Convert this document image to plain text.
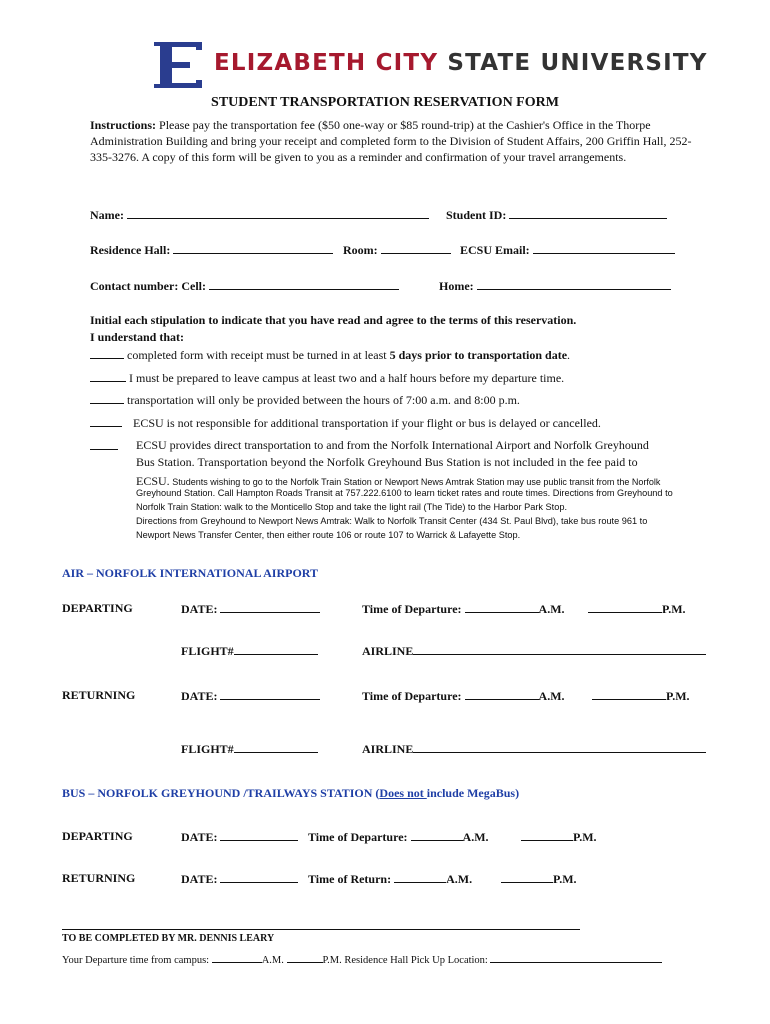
ELIZABETH CITY STATE UNIVERSITY
STUDENT TRANSPORTATION RESERVATION FORM
Instructions: Please pay the transportation fee ($50 one-way or $85 round-trip) at the Cashier's Office in the Thorpe Administration Building and bring your receipt and completed form to the Division of Student Affairs, 200 Griffin Hall, 252-335-3276. A copy of this form will be given to you as a reminder and confirmation of your travel arrangements.
Name:	Student ID:
Residence Hall:	Room:	ECSU Email:
Contact number: Cell:	Home:
Initial each stipulation to indicate that you have read and agree to the terms of this reservation.
I understand that:
completed form with receipt must be turned in at least 5 days prior to transportation date.
I must be prepared to leave campus at least two and a half hours before my departure time.
transportation will only be provided between the hours of 7:00 a.m. and 8:00 p.m.
ECSU is not responsible for additional transportation if your flight or bus is delayed or cancelled.
ECSU provides direct transportation to and from the Norfolk International Airport and Norfolk Greyhound
Bus Station. Transportation beyond the Norfolk Greyhound Bus Station is not included in the fee paid to
ECSU. Students wishing to go to the Norfolk Train Station or Newport News Amtrak Station may use public transit from the Norfolk
Greyhound Station. Call Hampton Roads Transit at 757.222.6100 to learn ticket rates and route times. Directions from Greyhound to
Norfolk Train Station: walk to the Monticello Stop and take the light rail (The Tide) to the Harbor Park Stop.
Directions from Greyhound to Newport News Amtrak: Walk to Norfolk Transit Center (434 St. Paul Blvd), take bus route 961 to
Newport News Transfer Center, then either route 106 or route 107 to Warrick & Lafayette Stop.
AIR – NORFOLK INTERNATIONAL AIRPORT
DEPARTING	DATE:	Time of Departure:	A.M.	P.M.
FLIGHT#	AIRLINE
RETURNING	DATE:	Time of Departure:	A.M.	P.M.
FLIGHT#	AIRLINE
BUS – NORFOLK GREYHOUND /TRAILWAYS STATION (Does not include MegaBus)
DEPARTING	DATE:	Time of Departure:	A.M.	P.M.
RETURNING	DATE:	Time of Return:	A.M.	P.M.
TO BE COMPLETED BY MR. DENNIS LEARY
Your Departure time from campus:	A.M.	P.M. Residence Hall Pick Up Location:
